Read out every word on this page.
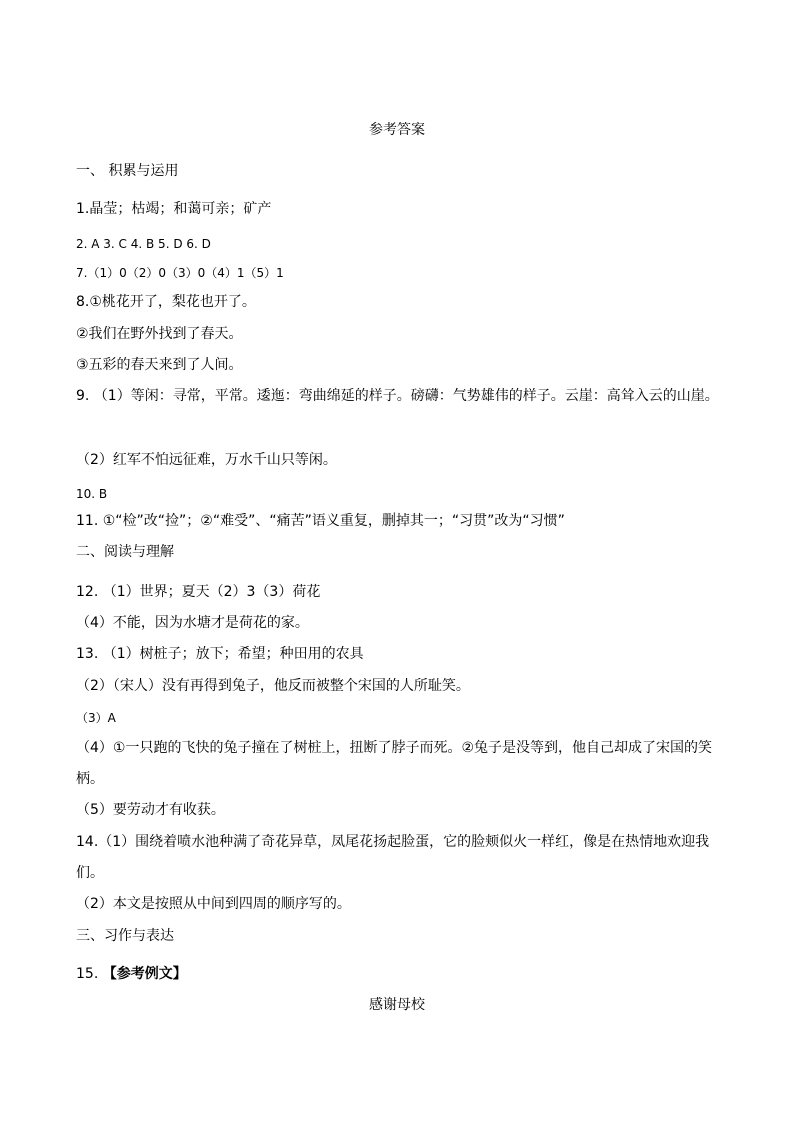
参考答案
一、 积累与运用
1.晶莹；枯竭；和蔼可亲；矿产
2. A 3. C 4. B 5. D 6. D
7.（1）0（2）0（3）0（4）1（5）1
8.①桃花开了，梨花也开了。
②我们在野外找到了春天。
③五彩的春天来到了人间。
9. （1）等闲：寻常，平常。逶迤：弯曲绵延的样子。磅礴：气势雄伟的样子。云崖：高耸入云的山崖。
（2）红军不怕远征难，万水千山只等闲。
10. B
11. ①“检”改“捡”；②“难受”、“痛苦”语义重复，删掉其一；“习贯”改为“习惯”
二、阅读与理解
12. （1）世界；夏天（2）3（3）荷花
（4）不能，因为水塘才是荷花的家。
13. （1）树桩子；放下；希望；种田用的农具
（2）（宋人）没有再得到兔子，他反而被整个宋国的人所耻笑。
（3）A
（4）①一只跑的飞快的兔子撞在了树桩上，扭断了脖子而死。②兔子是没等到，他自己却成了宋国的笑
柄。
（5）要劳动才有收获。
14.（1）围绕着喷水池种满了奇花异草，凤尾花扬起脸蛋，它的脸颊似火一样红，像是在热情地欢迎我
们。
（2）本文是按照从中间到四周的顺序写的。
三、习作与表达
15. 【参考例文】
感谢母校
